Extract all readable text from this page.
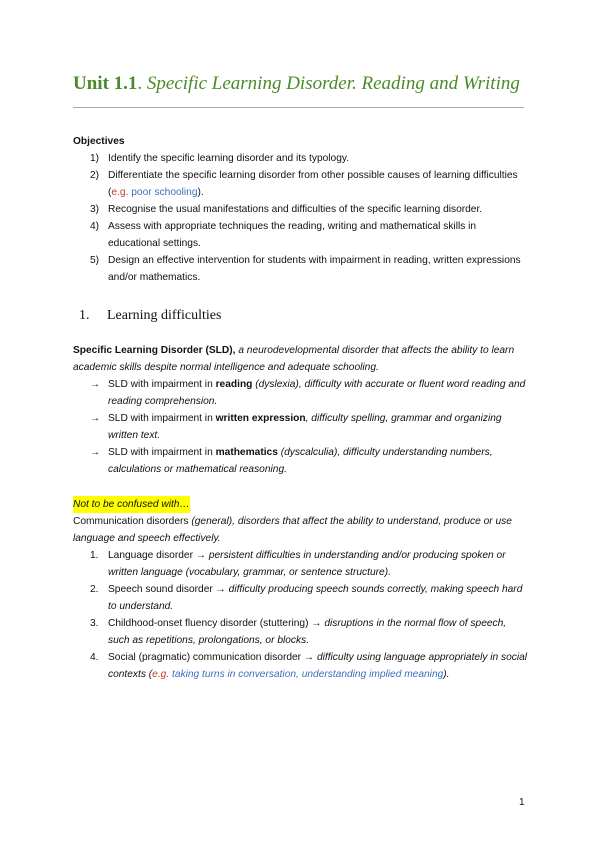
Unit 1.1. Specific Learning Disorder. Reading and Writing

Objectives

1) Identify the specific learning disorder and its typology.
2) Differentiate the specific learning disorder from other possible causes of learning difficulties (e.g. poor schooling).
3) Recognise the usual manifestations and difficulties of the specific learning disorder.
4) Assess with appropriate techniques the reading, writing and mathematical skills in educational settings.
5) Design an effective intervention for students with impairment in reading, written expressions and/or mathematics.
1. Learning difficulties

Specific Learning Disorder (SLD), a neurodevelopmental disorder that affects the ability to learn academic skills despite normal intelligence and adequate schooling.

→ SLD with impairment in reading (dyslexia), difficulty with accurate or fluent word reading and reading comprehension.
→ SLD with impairment in written expression, difficulty spelling, grammar and organizing written text.
→ SLD with impairment in mathematics (dyscalculia), difficulty understanding numbers, calculations or mathematical reasoning.
Not to be confused with…

Communication disorders (general), disorders that affect the ability to understand, produce or use language and speech effectively.

1. Language disorder → persistent difficulties in understanding and/or producing spoken or written language (vocabulary, grammar, or sentence structure).
2. Speech sound disorder → difficulty producing speech sounds correctly, making speech hard to understand.
3. Childhood-onset fluency disorder (stuttering) → disruptions in the normal flow of speech, such as repetitions, prolongations, or blocks.
4. Social (pragmatic) communication disorder → difficulty using language appropriately in social contexts (e.g. taking turns in conversation, understanding implied meaning).
1
